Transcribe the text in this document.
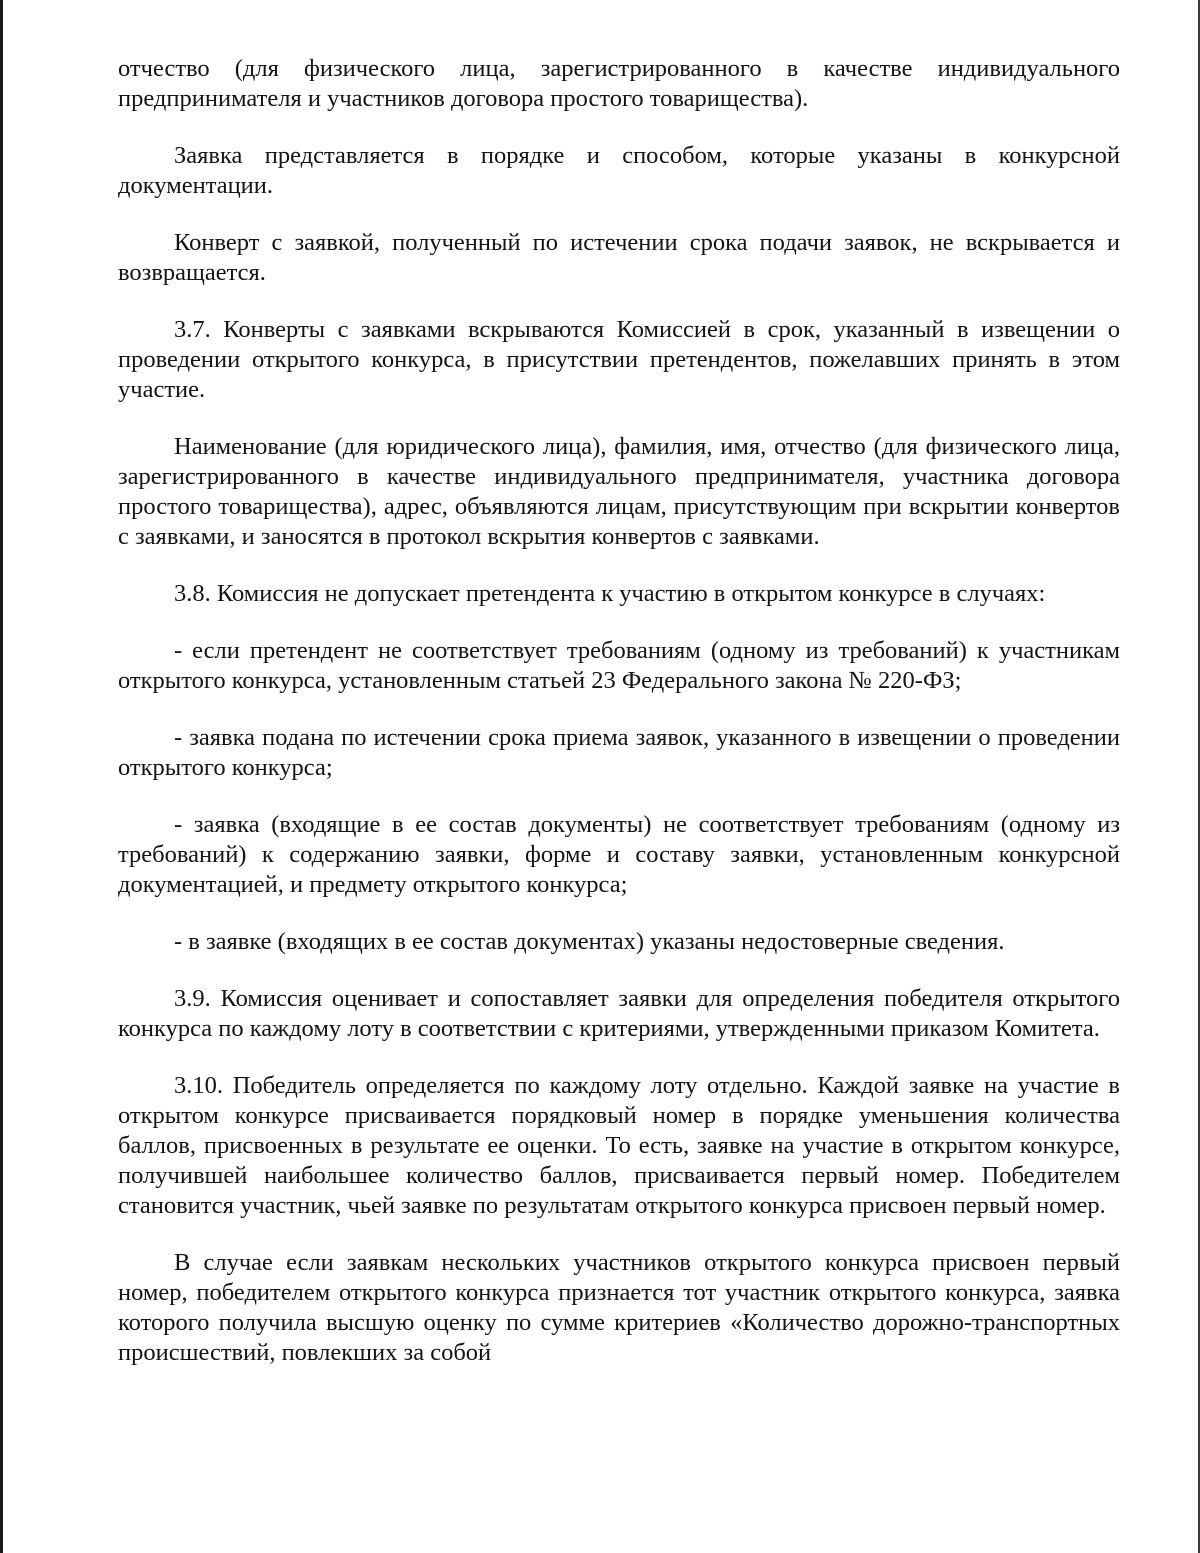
отчество (для физического лица, зарегистрированного в качестве индивидуального предпринимателя и участников договора простого товарищества).

Заявка представляется в порядке и способом, которые указаны в конкурсной документации.

Конверт с заявкой, полученный по истечении срока подачи заявок, не вскрывается и возвращается.

3.7. Конверты с заявками вскрываются Комиссией в срок, указанный в извещении о проведении открытого конкурса, в присутствии претендентов, пожелавших принять в этом участие.

Наименование (для юридического лица), фамилия, имя, отчество (для физического лица, зарегистрированного в качестве индивидуального предпринимателя, участника договора простого товарищества), адрес, объявляются лицам, присутствующим при вскрытии конвертов с заявками, и заносятся в протокол вскрытия конвертов с заявками.

3.8. Комиссия не допускает претендента к участию в открытом конкурсе в случаях:

- если претендент не соответствует требованиям (одному из требований) к участникам открытого конкурса, установленным статьей 23 Федерального закона № 220-ФЗ;

- заявка подана по истечении срока приема заявок, указанного в извещении о проведении открытого конкурса;

- заявка (входящие в ее состав документы) не соответствует требованиям (одному из требований) к содержанию заявки, форме и составу заявки, установленным конкурсной документацией, и предмету открытого конкурса;

- в заявке (входящих в ее состав документах) указаны недостоверные сведения.

3.9. Комиссия оценивает и сопоставляет заявки для определения победителя открытого конкурса по каждому лоту в соответствии с критериями, утвержденными приказом Комитета.

3.10. Победитель определяется по каждому лоту отдельно. Каждой заявке на участие в открытом конкурсе присваивается порядковый номер в порядке уменьшения количества баллов, присвоенных в результате ее оценки. То есть, заявке на участие в открытом конкурсе, получившей наибольшее количество баллов, присваивается первый номер. Победителем становится участник, чьей заявке по результатам открытого конкурса присвоен первый номер.

В случае если заявкам нескольких участников открытого конкурса присвоен первый номер, победителем открытого конкурса признается тот участник открытого конкурса, заявка которого получила высшую оценку по сумме критериев «Количество дорожно-транспортных происшествий, повлекших за собой
